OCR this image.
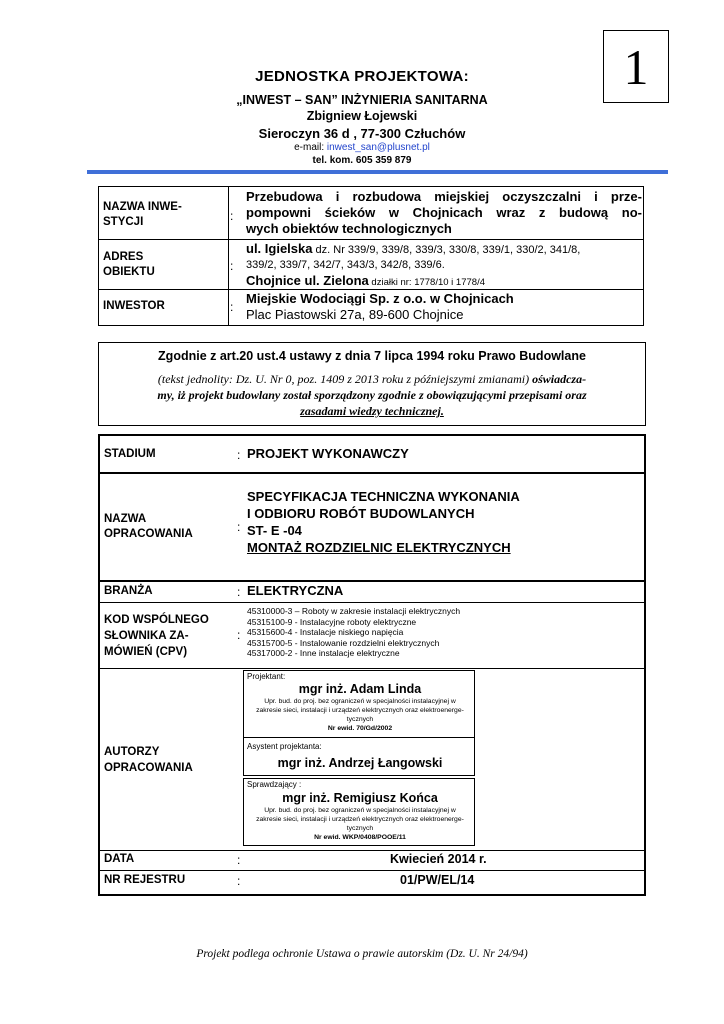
1
JEDNOSTKA PROJEKTOWA:
„INWEST – SAN” INŻYNIERIA SANITARNA
Zbigniew Łojewski
Sieroczyn 36 d , 77-300 Człuchów
e-mail: inwest_san@plusnet.pl
tel. kom. 605 359 879
NAZWA INWE-
STYCJI	:
Przebudowa i rozbudowa miejskiej oczyszczalni i prze-
pompowni ścieków w Chojnicach wraz z budową no-
wych obiektów technologicznych
ADRES
OBIEKTU	:
ul. Igielska dz. Nr 339/9, 339/8, 339/3, 330/8, 339/1, 330/2, 341/8,
339/2, 339/7, 342/7, 343/3, 342/8, 339/6.
Chojnice ul. Zielona działki nr: 1778/10 i 1778/4
INWESTOR	:
Miejskie Wodociągi Sp. z o.o. w Chojnicach
Plac Piastowski 27a, 89-600 Chojnice
Zgodnie z art.20 ust.4 ustawy z dnia 7 lipca 1994 roku Prawo Budowlane
(tekst jednolity: Dz. U. Nr 0, poz. 1409 z 2013 roku z późniejszymi zmianami) oświadcza-
my, iż projekt budowlany został sporządzony zgodnie z obowiązującymi przepisami oraz
zasadami wiedzy technicznej.
STADIUM	: PROJEKT WYKONAWCZY
NAZWA
OPRACOWANIA	:
SPECYFIKACJA TECHNICZNA WYKONANIA
I ODBIORU ROBÓT BUDOWLANYCH
ST- E -04
MONTAŻ ROZDZIELNIC ELEKTRYCZNYCH
BRANŻA	: ELEKTRYCZNA
KOD WSPÓLNEGO
SŁOWNIKA ZA-
MÓWIEŃ (CPV)
:
45310000-3 – Roboty w zakresie instalacji elektrycznych
45315100-9 - Instalacyjne roboty elektryczne
45315600-4 - Instalacje niskiego napięcia
45315700-5 - Instalowanie rozdzielni elektrycznych
45317000-2 - Inne instalacje elektryczne
AUTORZY
OPRACOWANIA
Projektant:
mgr inż. Adam Linda
Upr. bud. do proj. bez ograniczeń w specjalności instalacyjnej w
zakresie sieci, instalacji i urządzeń elektrycznych oraz elektroenerge-
tycznych
Nr ewid. 70/Gd/2002
Asystent projektanta:
mgr inż. Andrzej Łangowski
Sprawdzający :
mgr inż. Remigiusz Końca
Upr. bud. do proj. bez ograniczeń w specjalności instalacyjnej w
zakresie sieci, instalacji i urządzeń elektrycznych oraz elektroenerge-
tycznych
Nr ewid. WKP/0408/POOE/11
DATA	:	Kwiecień 2014 r.
NR REJESTRU	:	01/PW/EL/14
Projekt podlega ochronie Ustawa o prawie autorskim (Dz. U. Nr 24/94)
